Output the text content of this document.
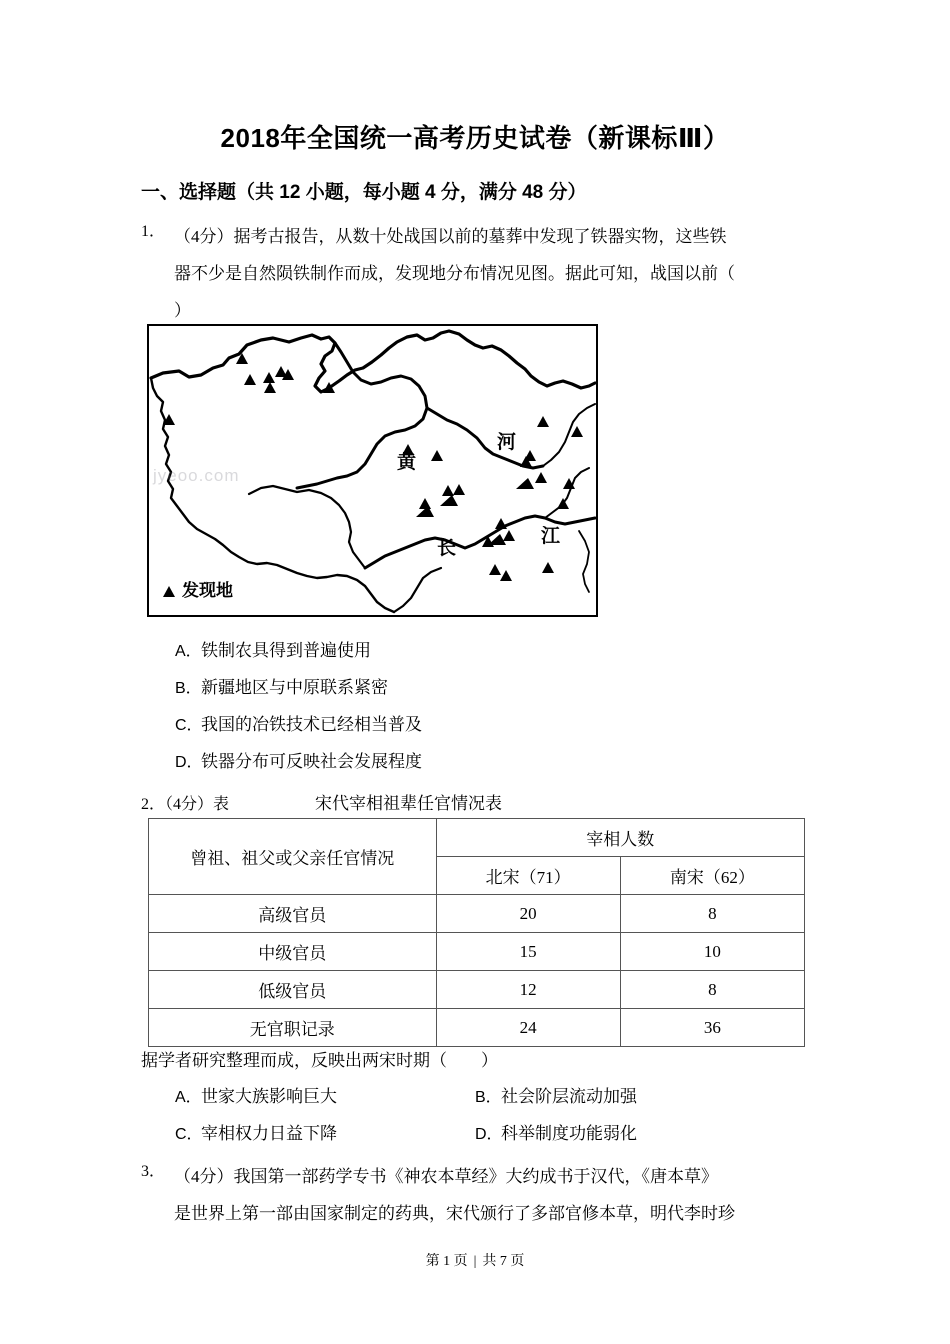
2018年全国统一高考历史试卷（新课标Ⅲ）
一、选择题（共 12 小题，每小题 4 分，满分 48 分）
1． （4分）据考古报告，从数十处战国以前的墓葬中发现了铁器实物，这些铁
器不少是自然陨铁制作而成，发现地分布情况见图。据此可知，战国以前（
）
黄
河
长
江
jyeoo.com
发现地
A．铁制农具得到普遍使用
B．新疆地区与中原联系紧密
C．我国的冶铁技术已经相当普及
D．铁器分布可反映社会发展程度
2．（4分）表	宋代宰相祖辈任官情况表
曾祖、祖父或父亲任官情况	宰相人数	
	北宋（71）	南宋（62）
高级官员	20	8
中级官员	15	10
低级官员	12	8
无官职记录	24	36
据学者研究整理而成，反映出两宋时期（　　）
A．世家大族影响巨大	B．社会阶层流动加强
C．宰相权力日益下降	D．科举制度功能弱化
3． （4分）我国第一部药学专书《神农本草经》大约成书于汉代，《唐本草》
是世界上第一部由国家制定的药典，宋代颁行了多部官修本草，明代李时珍
第 1 页 | 共 7 页
